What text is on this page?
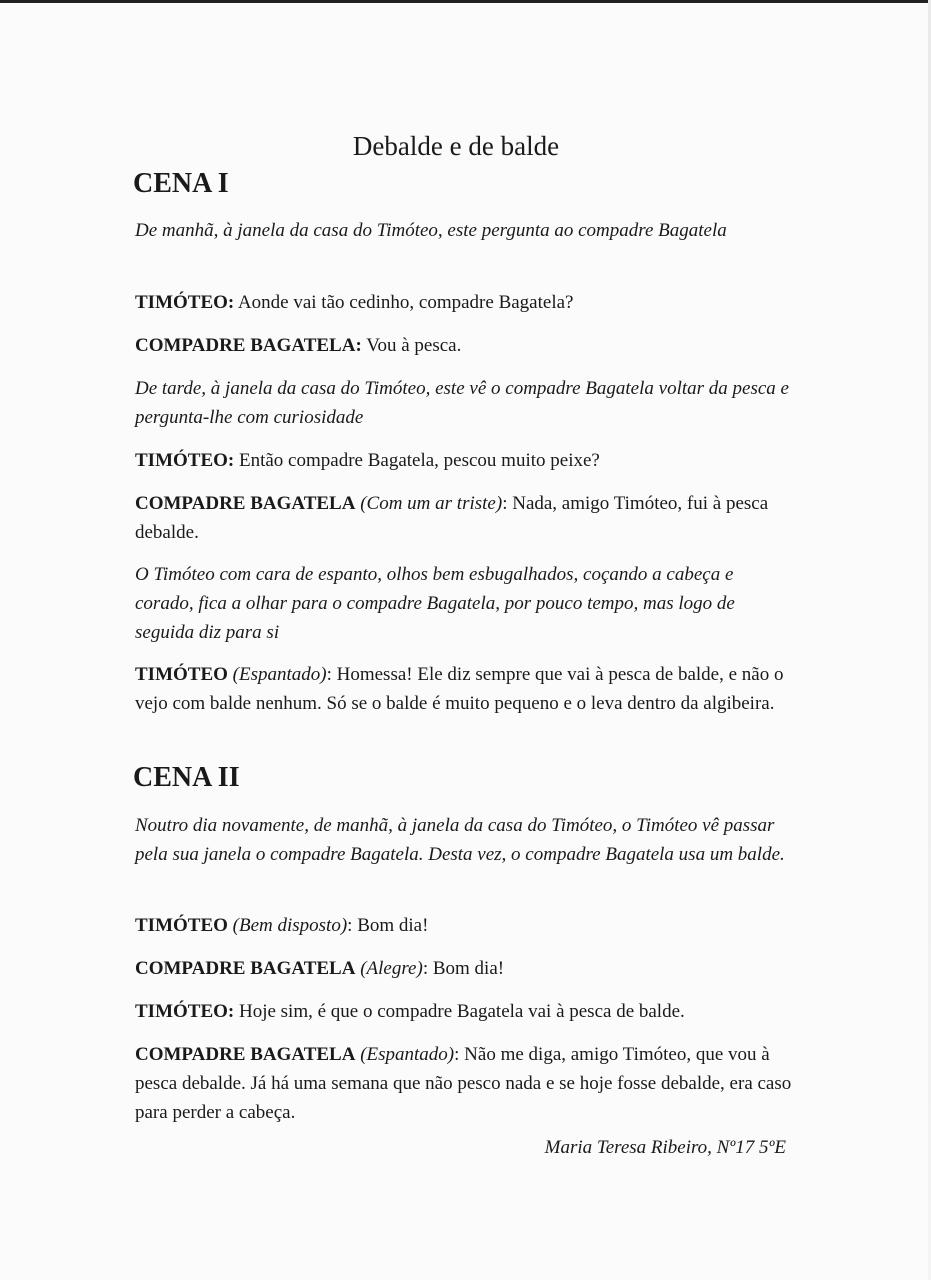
Debalde e de balde
CENA I

De manhã, à janela da casa do Timóteo, este pergunta ao compadre Bagatela

TIMÓTEO: Aonde vai tão cedinho, compadre Bagatela?

COMPADRE BAGATELA: Vou à pesca.

De tarde, à janela da casa do Timóteo, este vê o compadre Bagatela voltar da pesca e pergunta-lhe com curiosidade

TIMÓTEO: Então compadre Bagatela, pescou muito peixe?

COMPADRE BAGATELA (Com um ar triste): Nada, amigo Timóteo, fui à pesca debalde.

O Timóteo com cara de espanto, olhos bem esbugalhados, coçando a cabeça e corado, fica a olhar para o compadre Bagatela, por pouco tempo, mas logo de seguida diz para si

TIMÓTEO (Espantado): Homessa! Ele diz sempre que vai à pesca de balde, e não o vejo com balde nenhum. Só se o balde é muito pequeno e o leva dentro da algibeira.

CENA II

Noutro dia novamente, de manhã, à janela da casa do Timóteo, o Timóteo vê passar pela sua janela o compadre Bagatela. Desta vez, o compadre Bagatela usa um balde.

TIMÓTEO (Bem disposto): Bom dia!

COMPADRE BAGATELA (Alegre): Bom dia!

TIMÓTEO: Hoje sim, é que o compadre Bagatela vai à pesca de balde.

COMPADRE BAGATELA (Espantado): Não me diga, amigo Timóteo, que vou à pesca debalde. Já há uma semana que não pesco nada e se hoje fosse debalde, era caso para perder a cabeça.

Maria Teresa Ribeiro, Nº17 5ºE
